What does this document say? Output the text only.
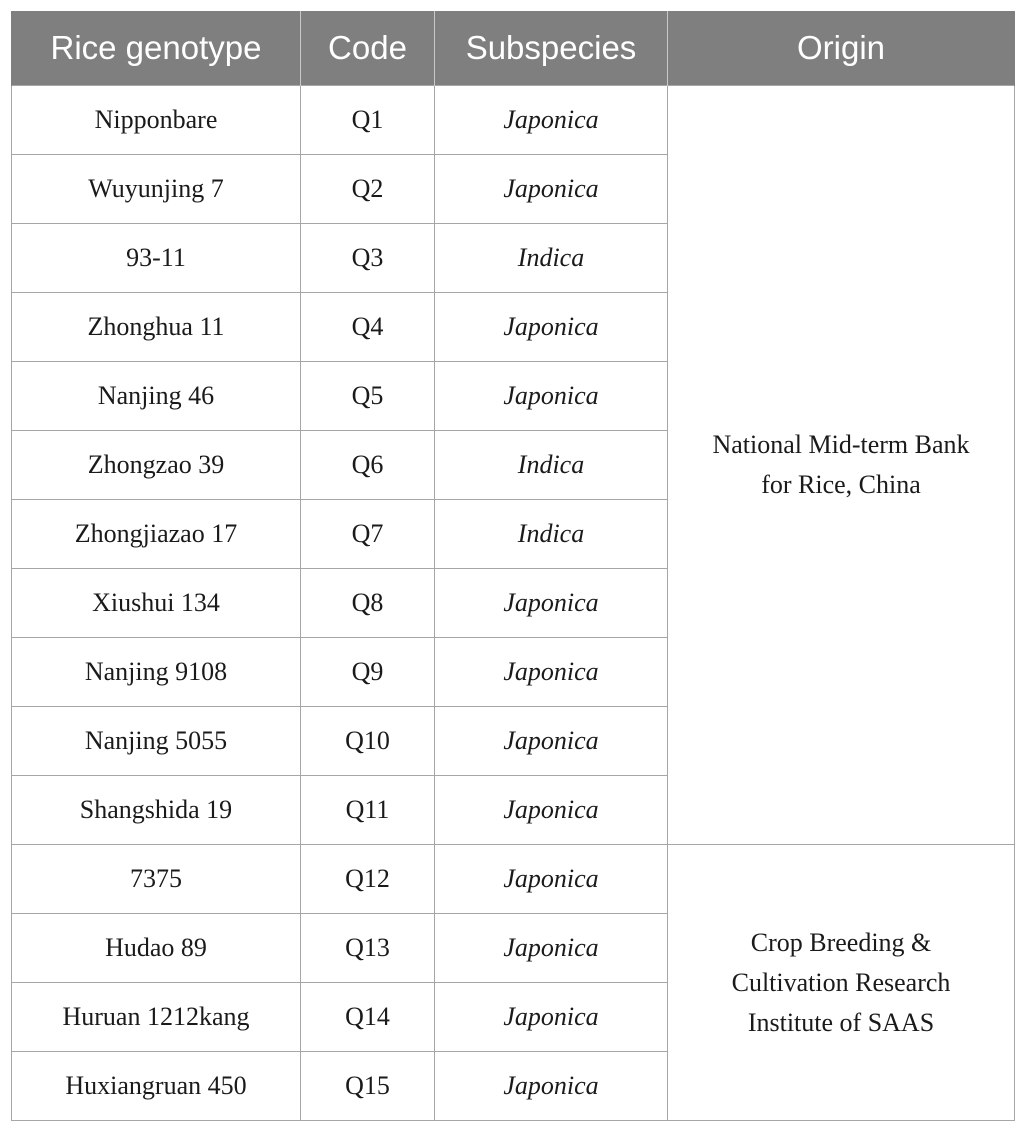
Rice genotype	Code	Subspecies	Origin
Nipponbare	Q1	Japonica	National Mid-term Bank
for Rice, China
Wuyunjing 7	Q2	Japonica	
93-11	Q3	Indica	
Zhonghua 11	Q4	Japonica	
Nanjing 46	Q5	Japonica	
Zhongzao 39	Q6	Indica	
Zhongjiazao 17	Q7	Indica	
Xiushui 134	Q8	Japonica	
Nanjing 9108	Q9	Japonica	
Nanjing 5055	Q10	Japonica	
Shangshida 19	Q11	Japonica	
7375	Q12	Japonica	Crop Breeding &
Cultivation Research
Institute of SAAS
Hudao 89	Q13	Japonica	
Huruan 1212kang	Q14	Japonica	
Huxiangruan 450	Q15	Japonica	
